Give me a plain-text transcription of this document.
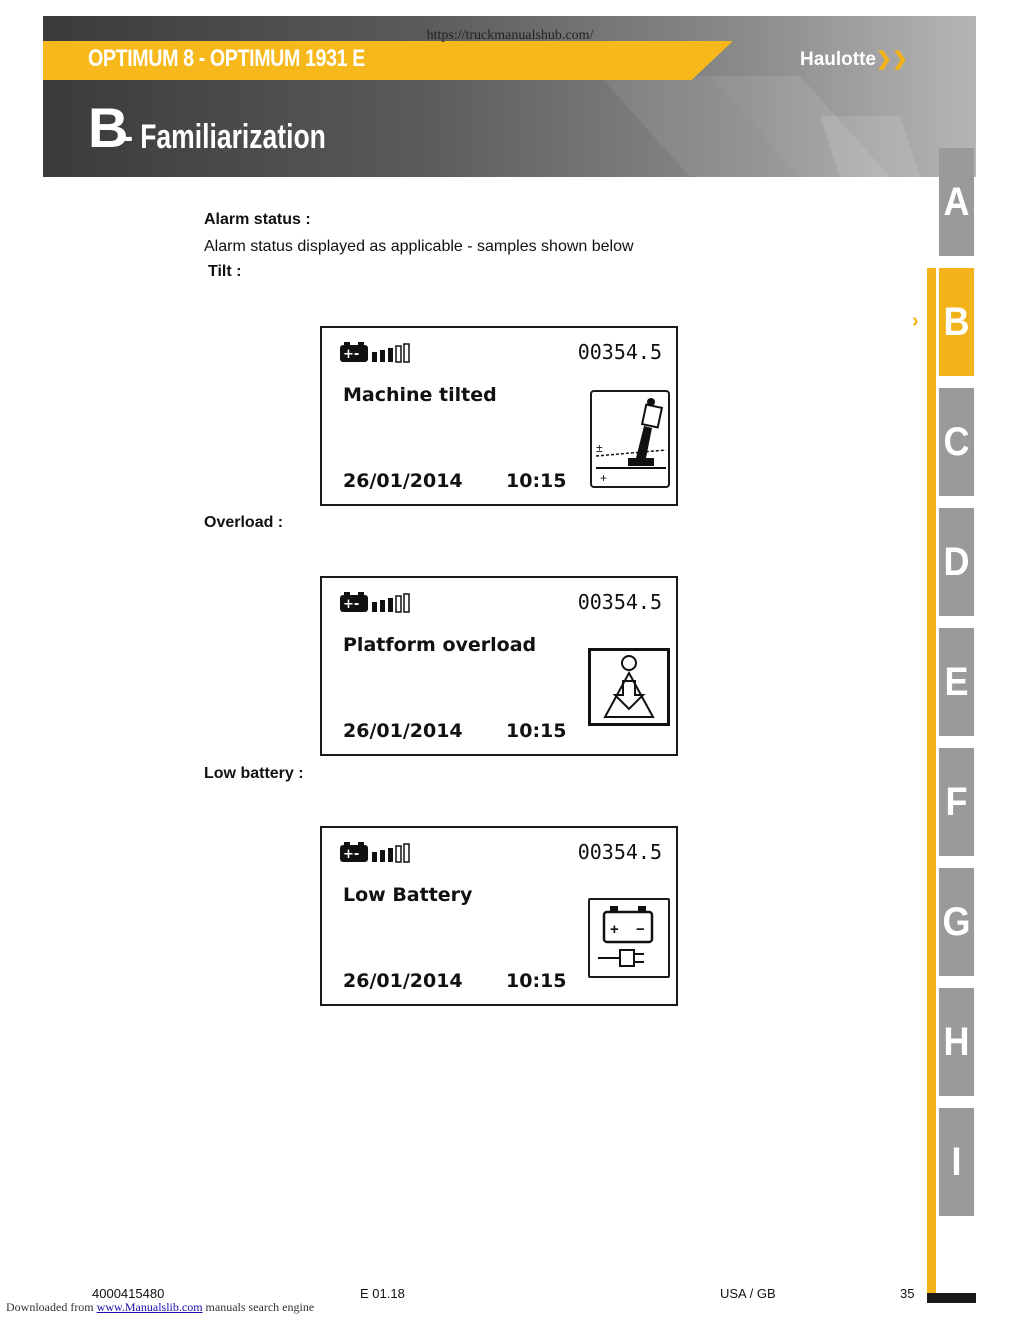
https://truckmanualshub.com/
OPTIMUM 8 - OPTIMUM 1931 E	Haulotte❯❯
B
- Familiarization
Alarm status :
Alarm status displayed as applicable - samples shown below
Tilt :
Overload :
Low battery :
+-	00354.5
Machine tilted
26/01/2014 10:15
±
+
+-	00354.5
Platform overload
26/01/2014 10:15
+-	00354.5
Low Battery
26/01/2014 10:15
+ −
A
B
C
D
E
F
G
H
I
›
4000415480	E 01.18	USA / GB	35
Downloaded from www.Manualslib.com manuals search engine
